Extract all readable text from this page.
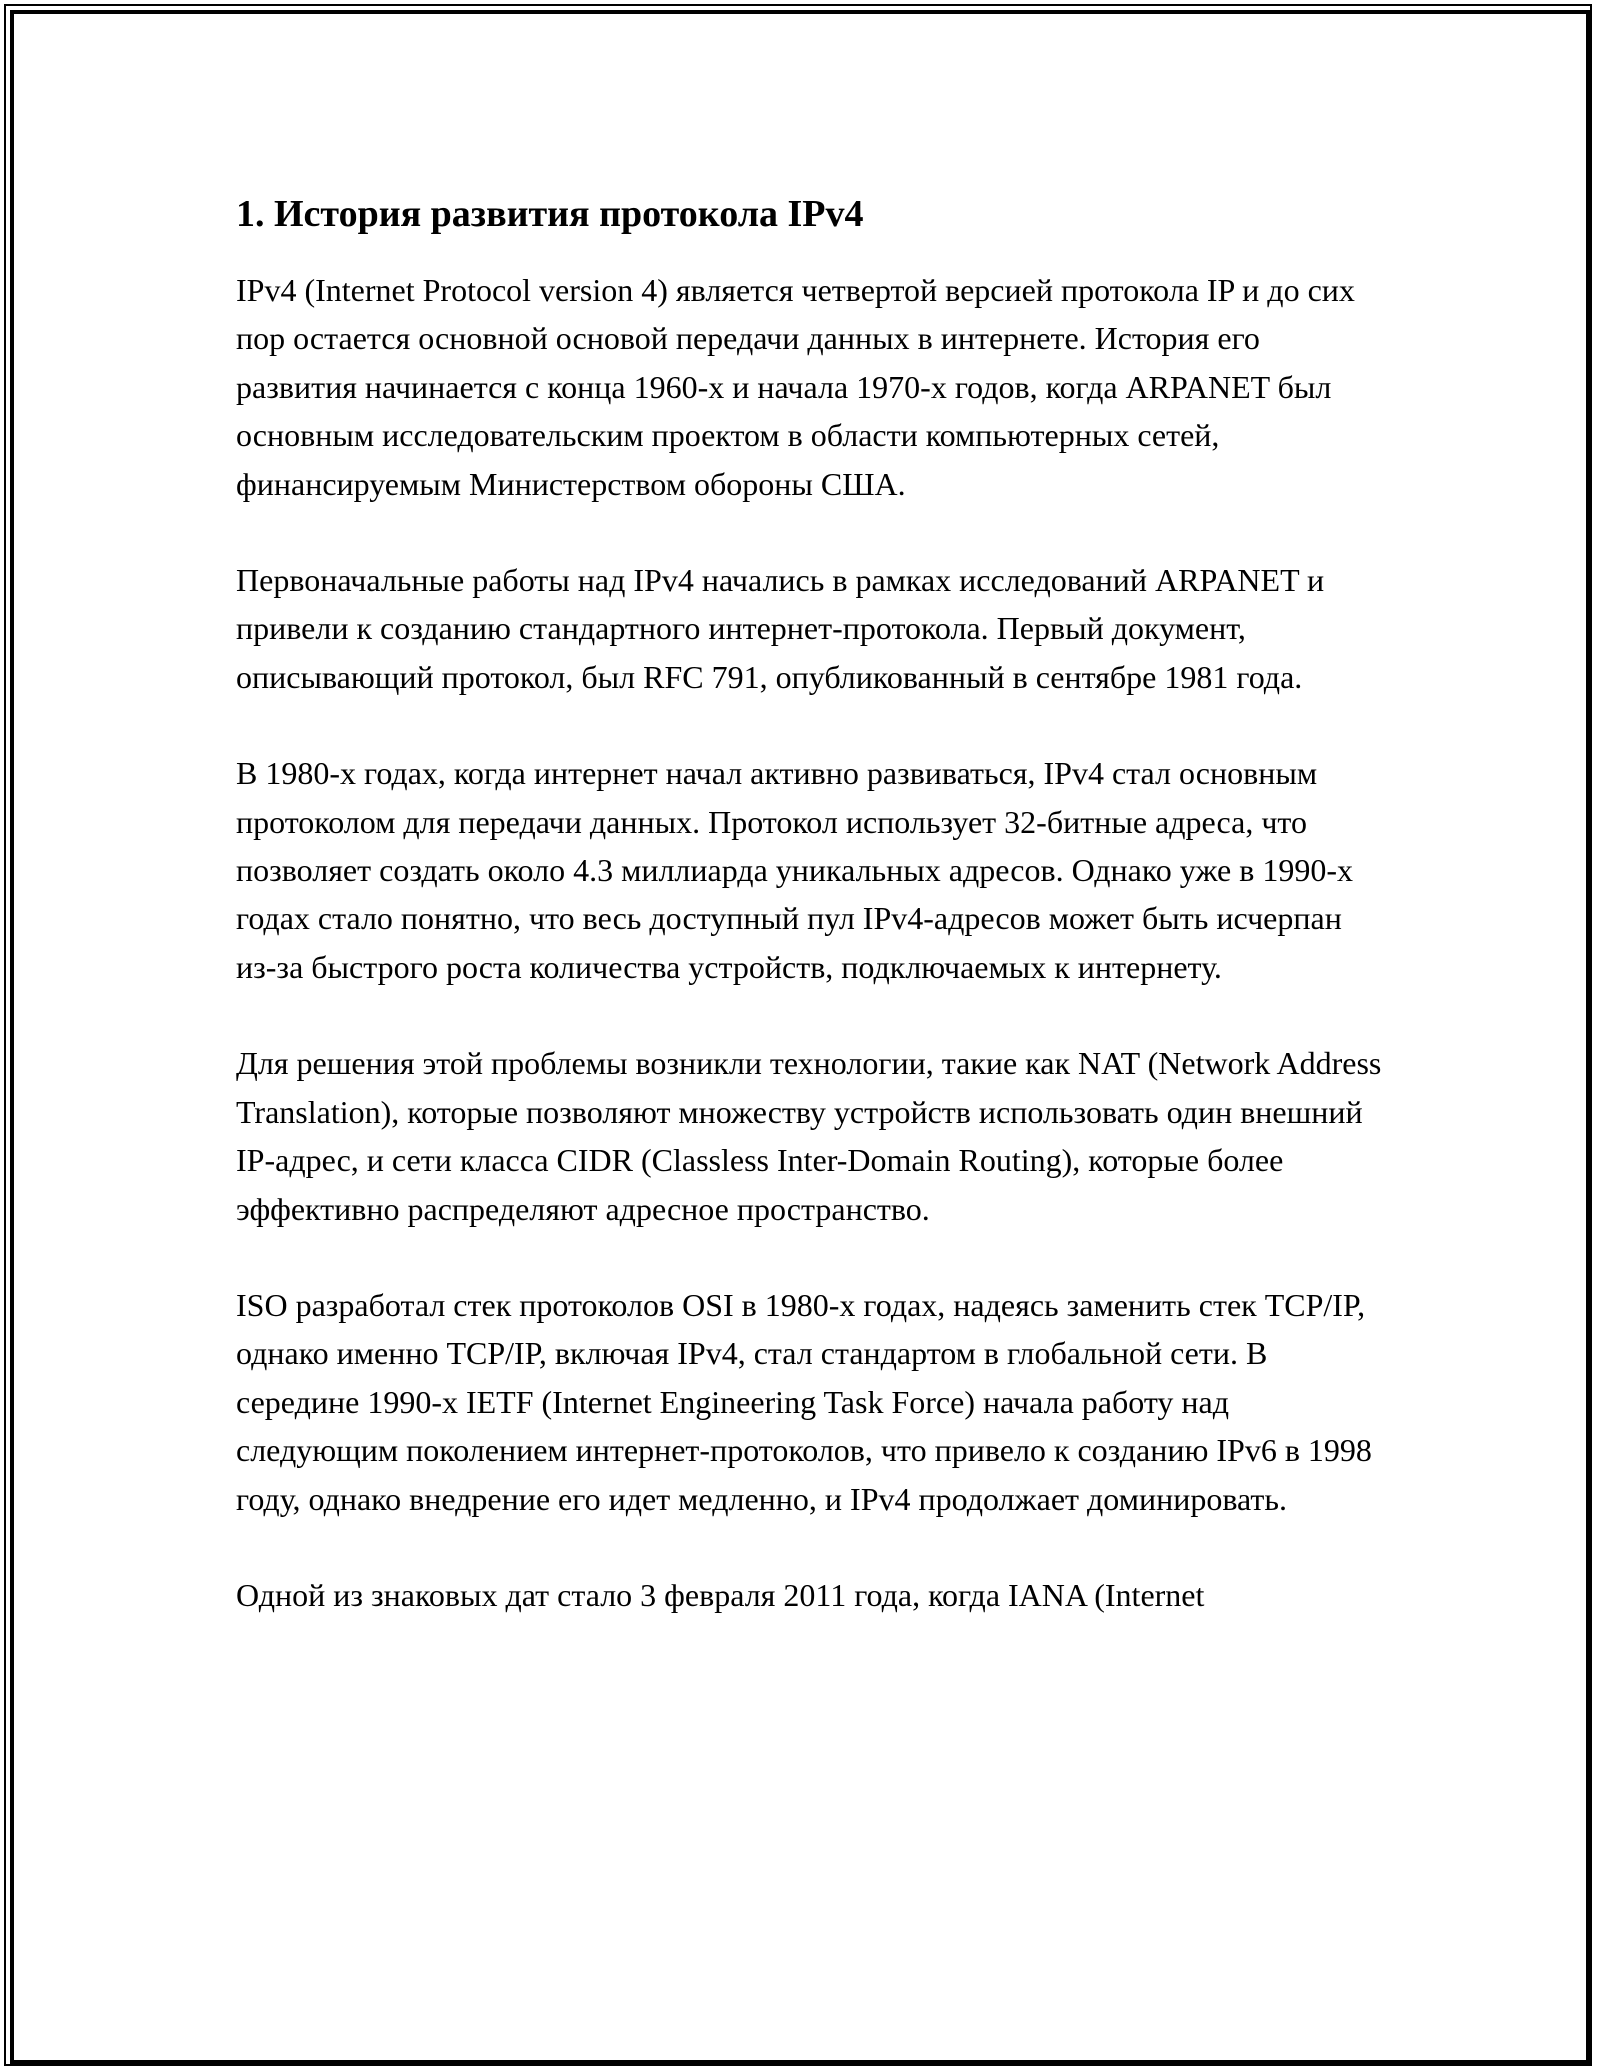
1. История развития протокола IPv4

IPv4 (Internet Protocol version 4) является четвертой версией протокола IP и до сих пор остается основной основой передачи данных в интернете. История его развития начинается с конца 1960-х и начала 1970-х годов, когда ARPANET был основным исследовательским проектом в области компьютерных сетей, финансируемым Министерством обороны США.

Первоначальные работы над IPv4 начались в рамках исследований ARPANET и привели к созданию стандартного интернет-протокола. Первый документ, описывающий протокол, был RFC 791, опубликованный в сентябре 1981 года.

В 1980-х годах, когда интернет начал активно развиваться, IPv4 стал основным протоколом для передачи данных. Протокол использует 32-битные адреса, что позволяет создать около 4.3 миллиарда уникальных адресов. Однако уже в 1990-х годах стало понятно, что весь доступный пул IPv4-адресов может быть исчерпан из-за быстрого роста количества устройств, подключаемых к интернету.

Для решения этой проблемы возникли технологии, такие как NAT (Network Address Translation), которые позволяют множеству устройств использовать один внешний IP-адрес, и сети класса CIDR (Classless Inter-Domain Routing), которые более эффективно распределяют адресное пространство.

ISO разработал стек протоколов OSI в 1980-х годах, надеясь заменить стек TCP/IP, однако именно TCP/IP, включая IPv4, стал стандартом в глобальной сети. В середине 1990-х IETF (Internet Engineering Task Force) начала работу над следующим поколением интернет-протоколов, что привело к созданию IPv6 в 1998 году, однако внедрение его идет медленно, и IPv4 продолжает доминировать.

Одной из знаковых дат стало 3 февраля 2011 года, когда IANA (Internet
